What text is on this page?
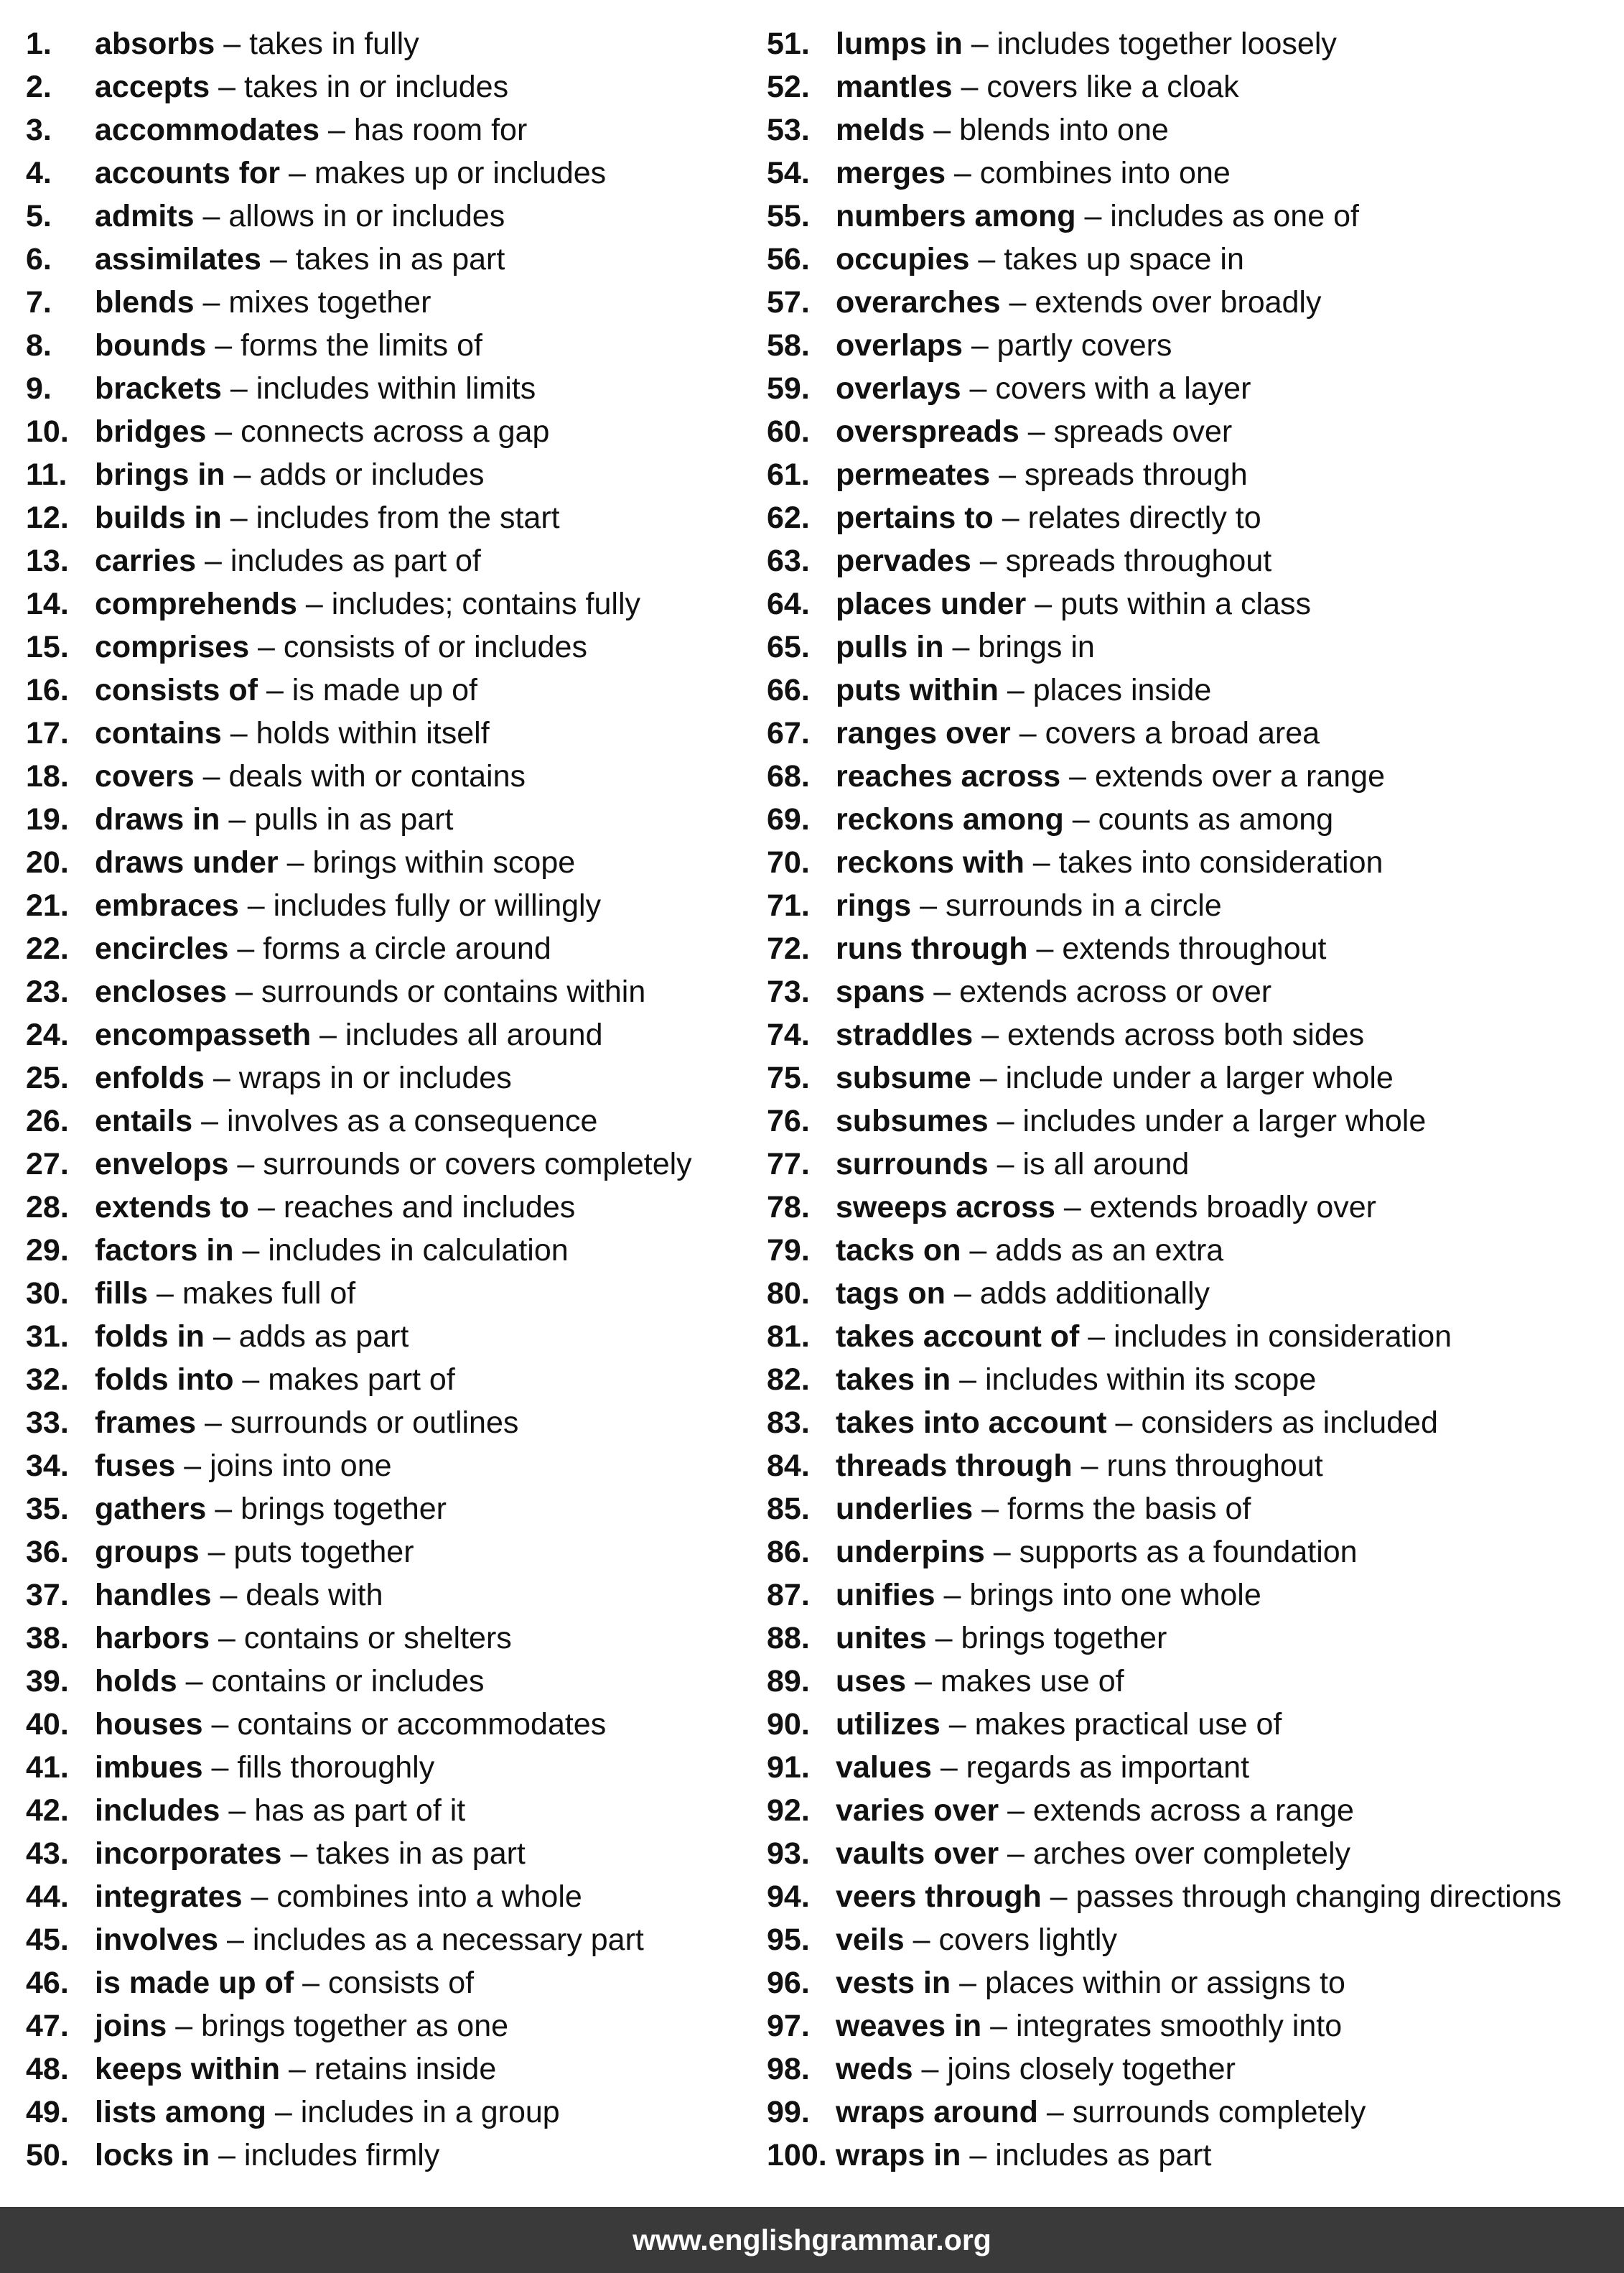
1. absorbs – takes in fully
2. accepts – takes in or includes
3. accommodates – has room for
4. accounts for – makes up or includes
5. admits – allows in or includes
6. assimilates – takes in as part
7. blends – mixes together
8. bounds – forms the limits of
9. brackets – includes within limits
10. bridges – connects across a gap
11. brings in – adds or includes
12. builds in – includes from the start
13. carries – includes as part of
14. comprehends – includes; contains fully
15. comprises – consists of or includes
16. consists of – is made up of
17. contains – holds within itself
18. covers – deals with or contains
19. draws in – pulls in as part
20. draws under – brings within scope
21. embraces – includes fully or willingly
22. encircles – forms a circle around
23. encloses – surrounds or contains within
24. encompasseth – includes all around
25. enfolds – wraps in or includes
26. entails – involves as a consequence
27. envelops – surrounds or covers completely
28. extends to – reaches and includes
29. factors in – includes in calculation
30. fills – makes full of
31. folds in – adds as part
32. folds into – makes part of
33. frames – surrounds or outlines
34. fuses – joins into one
35. gathers – brings together
36. groups – puts together
37. handles – deals with
38. harbors – contains or shelters
39. holds – contains or includes
40. houses – contains or accommodates
41. imbues – fills thoroughly
42. includes – has as part of it
43. incorporates – takes in as part
44. integrates – combines into a whole
45. involves – includes as a necessary part
46. is made up of – consists of
47. joins – brings together as one
48. keeps within – retains inside
49. lists among – includes in a group
50. locks in – includes firmly
51. lumps in – includes together loosely
52. mantles – covers like a cloak
53. melds – blends into one
54. merges – combines into one
55. numbers among – includes as one of
56. occupies – takes up space in
57. overarches – extends over broadly
58. overlaps – partly covers
59. overlays – covers with a layer
60. overspreads – spreads over
61. permeates – spreads through
62. pertains to – relates directly to
63. pervades – spreads throughout
64. places under – puts within a class
65. pulls in – brings in
66. puts within – places inside
67. ranges over – covers a broad area
68. reaches across – extends over a range
69. reckons among – counts as among
70. reckons with – takes into consideration
71. rings – surrounds in a circle
72. runs through – extends throughout
73. spans – extends across or over
74. straddles – extends across both sides
75. subsume – include under a larger whole
76. subsumes – includes under a larger whole
77. surrounds – is all around
78. sweeps across – extends broadly over
79. tacks on – adds as an extra
80. tags on – adds additionally
81. takes account of – includes in consideration
82. takes in – includes within its scope
83. takes into account – considers as included
84. threads through – runs throughout
85. underlies – forms the basis of
86. underpins – supports as a foundation
87. unifies – brings into one whole
88. unites – brings together
89. uses – makes use of
90. utilizes – makes practical use of
91. values – regards as important
92. varies over – extends across a range
93. vaults over – arches over completely
94. veers through – passes through changing directions
95. veils – covers lightly
96. vests in – places within or assigns to
97. weaves in – integrates smoothly into
98. weds – joins closely together
99. wraps around – surrounds completely
100. wraps in – includes as part
www.englishgrammar.org
